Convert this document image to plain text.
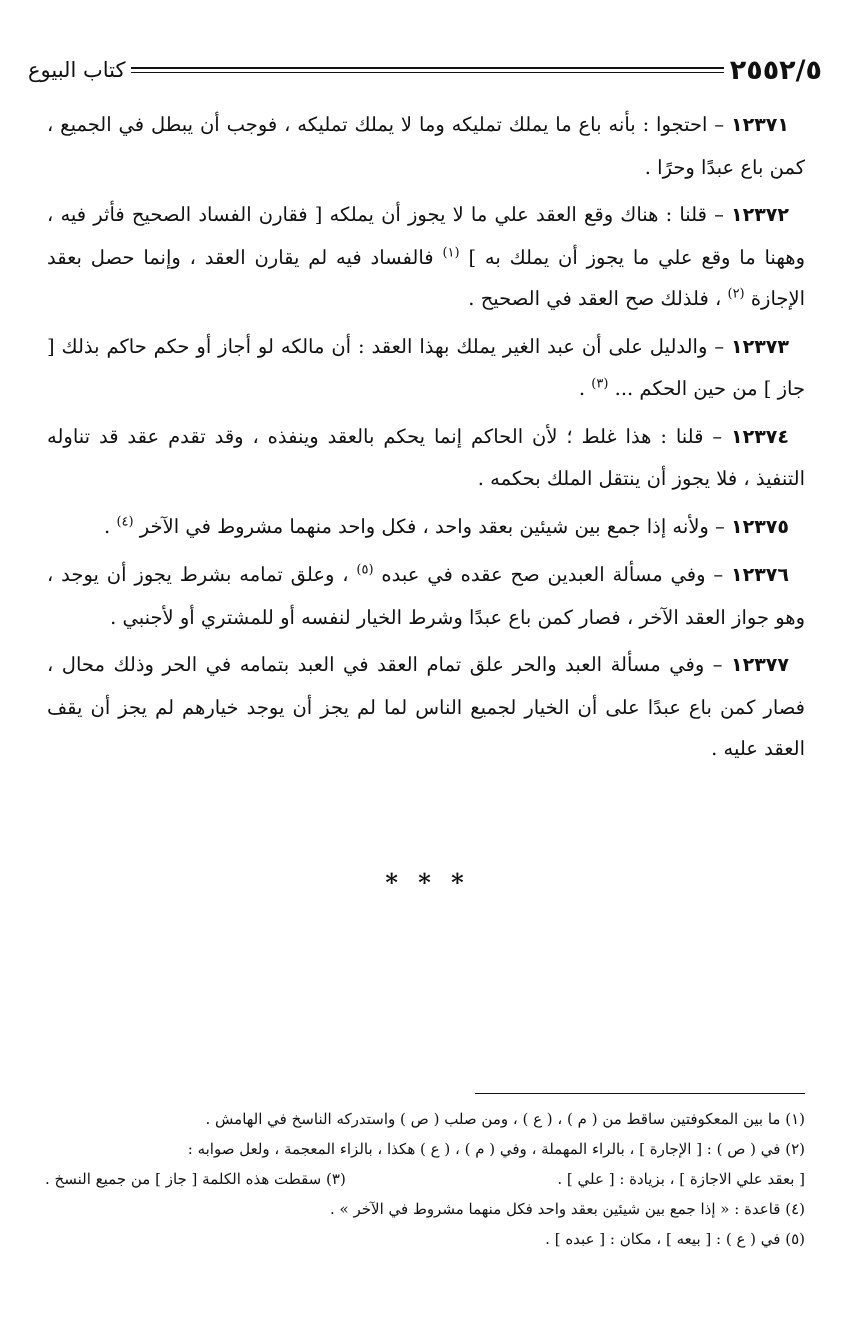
٢٥٥٢/٥
كتاب البيوع

١٢٣٧١ – احتجوا : بأنه باع ما يملك تمليكه وما لا يملك تمليكه ، فوجب أن يبطل في الجميع ، كمن باع عبدًا وحرًا .

١٢٣٧٢ – قلنا : هناك وقع العقد علي ما لا يجوز أن يملكه [ فقارن الفساد الصحيح فأثر فيه ، وههنا ما وقع علي ما يجوز أن يملك به ] $^{(١)}$ فالفساد فيه لم يقارن العقد ، وإنما حصل بعقد الإجازة $^{(٢)}$ ، فلذلك صح العقد في الصحيح .

١٢٣٧٣ – والدليل على أن عبد الغير يملك بهذا العقد : أن مالكه لو أجاز أو حكم حاكم بذلك [ جاز ] من حين الحكم ... $^{(٣)}$ .

١٢٣٧٤ – قلنا : هذا غلط ؛ لأن الحاكم إنما يحكم بالعقد وينفذه ، وقد تقدم عقد قد تناوله التنفيذ ، فلا يجوز أن ينتقل الملك بحكمه .

١٢٣٧٥ – ولأنه إذا جمع بين شيئين بعقد واحد ، فكل واحد منهما مشروط في الآخر $^{(٤)}$ .

١٢٣٧٦ – وفي مسألة العبدين صح عقده في عبده $^{(٥)}$ ، وعلق تمامه بشرط يجوز أن يوجد ، وهو جواز العقد الآخر ، فصار كمن باع عبدًا وشرط الخيار لنفسه أو للمشتري أو لأجنبي .

١٢٣٧٧ – وفي مسألة العبد والحر علق تمام العقد في العبد بتمامه في الحر وذلك محال ، فصار كمن باع عبدًا على أن الخيار لجميع الناس لما لم يجز أن يوجد خيارهم لم يجز أن يقف العقد عليه .

* * *

(١) ما بين المعكوفتين ساقط من ( م ) ، ( ع ) ، ومن صلب ( ص ) واستدركه الناسخ في الهامش .

(٢) في ( ص ) : [ الإجارة ] ، بالراء المهملة ، وفي ( م ) ، ( ع ) هكذا ، بالزاء المعجمة ، ولعل صوابه :

[ بعقد علي الاجازة ] ، بزيادة : [ علي ] .

(٣) سقطت هذه الكلمة [ جاز ] من جميع النسخ .

(٤) قاعدة : « إذا جمع بين شيئين بعقد واحد فكل منهما مشروط في الآخر » .

(٥) في ( ع ) : [ بيعه ] ، مكان : [ عبده ] .
